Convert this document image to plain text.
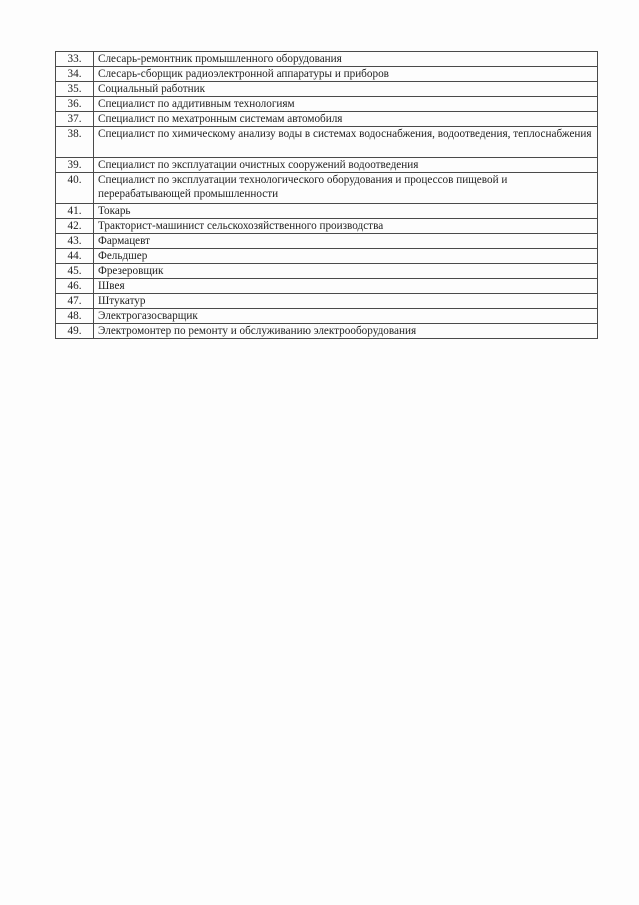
33.	Слесарь-ремонтник промышленного оборудования
34.	Слесарь-сборщик радиоэлектронной аппаратуры и приборов
35.	Социальный работник
36.	Специалист по аддитивным технологиям
37.	Специалист по мехатронным системам автомобиля
38.	Специалист по химическому анализу воды в системах водоснабжения, водоотведения, теплоснабжения
39.	Специалист по эксплуатации очистных сооружений водоотведения
40.	Специалист по эксплуатации технологического оборудования и процессов пищевой и перерабатывающей промышленности
41.	Токарь
42.	Тракторист-машинист сельскохозяйственного производства
43.	Фармацевт
44.	Фельдшер
45.	Фрезеровщик
46.	Швея
47.	Штукатур
48.	Электрогазосварщик
49.	Электромонтер по ремонту и обслуживанию электрооборудования
